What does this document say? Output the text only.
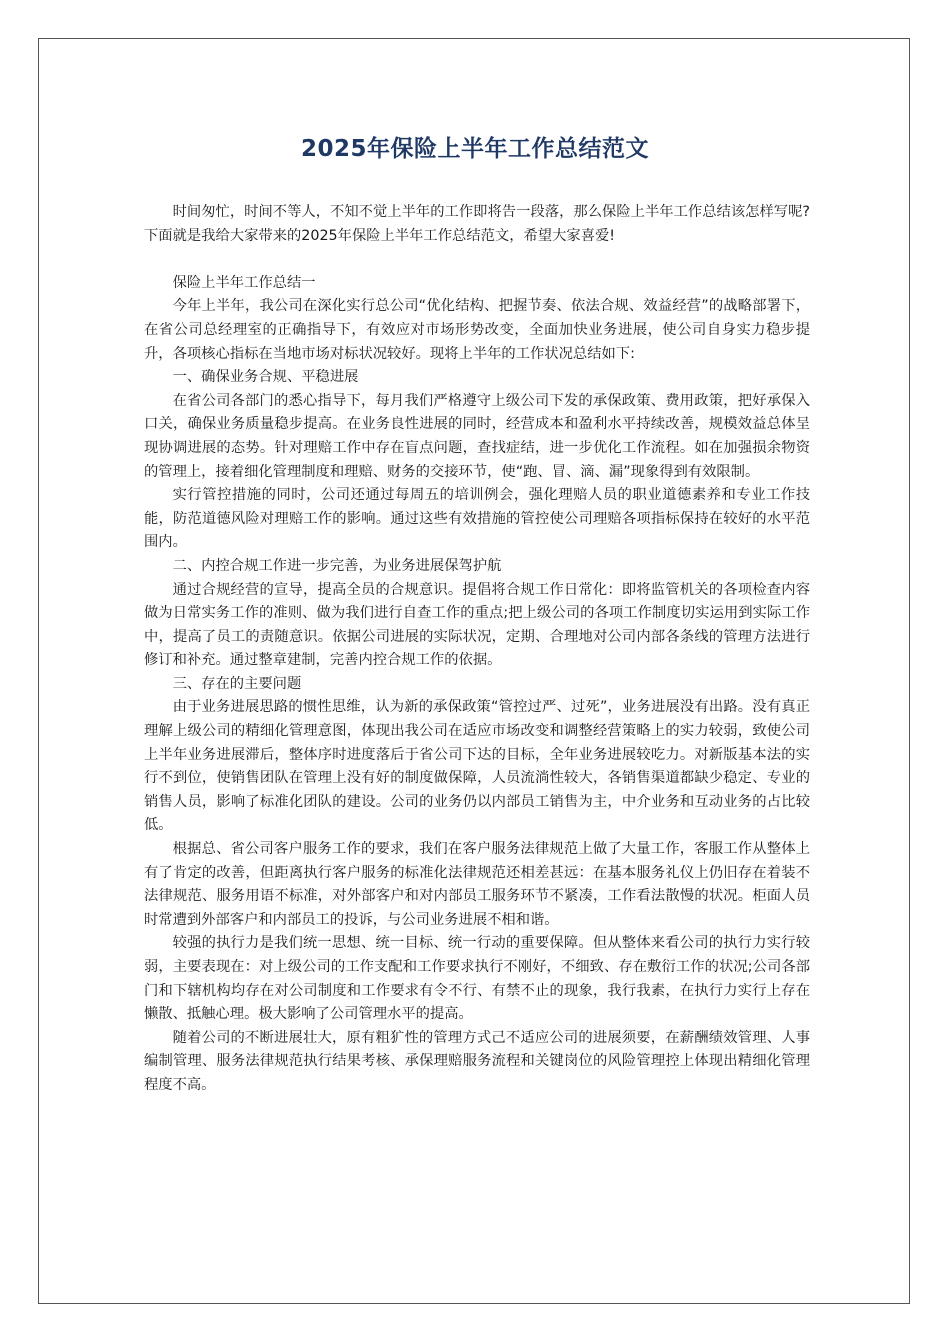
2025年保险上半年工作总结范文

时间匆忙，时间不等人，不知不觉上半年的工作即将告一段落，那么保险上半年工作总结该怎样写呢?下面就是我给大家带来的2025年保险上半年工作总结范文，希望大家喜爱!

保险上半年工作总结一

今年上半年，我公司在深化实行总公司“优化结构、把握节奏、依法合规、效益经营”的战略部署下，在省公司总经理室的正确指导下，有效应对市场形势改变，全面加快业务进展，使公司自身实力稳步提升，各项核心指标在当地市场对标状况较好。现将上半年的工作状况总结如下:

一、确保业务合规、平稳进展

在省公司各部门的悉心指导下，每月我们严格遵守上级公司下发的承保政策、费用政策，把好承保入口关，确保业务质量稳步提高。在业务良性进展的同时，经营成本和盈利水平持续改善，规模效益总体呈现协调进展的态势。针对理赔工作中存在盲点问题，查找症结，进一步优化工作流程。如在加强损余物资的管理上，接着细化管理制度和理赔、财务的交接环节，使“跑、冒、滴、漏”现象得到有效限制。

实行管控措施的同时，公司还通过每周五的培训例会，强化理赔人员的职业道德素养和专业工作技能，防范道德风险对理赔工作的影响。通过这些有效措施的管控使公司理赔各项指标保持在较好的水平范围内。

二、内控合规工作进一步完善，为业务进展保驾护航

通过合规经营的宣导，提高全员的合规意识。提倡将合规工作日常化：即将监管机关的各项检查内容做为日常实务工作的准则、做为我们进行自查工作的重点;把上级公司的各项工作制度切实运用到实际工作中，提高了员工的责随意识。依据公司进展的实际状况，定期、合理地对公司内部各条线的管理方法进行修订和补充。通过整章建制，完善内控合规工作的依据。

三、存在的主要问题

由于业务进展思路的惯性思维，认为新的承保政策“管控过严、过死”，业务进展没有出路。没有真正理解上级公司的精细化管理意图，体现出我公司在适应市场改变和调整经营策略上的实力较弱，致使公司上半年业务进展滞后，整体序时进度落后于省公司下达的目标，全年业务进展较吃力。对新版基本法的实行不到位，使销售团队在管理上没有好的制度做保障，人员流淌性较大，各销售渠道都缺少稳定、专业的销售人员，影响了标准化团队的建设。公司的业务仍以内部员工销售为主，中介业务和互动业务的占比较低。

根据总、省公司客户服务工作的要求，我们在客户服务法律规范上做了大量工作，客服工作从整体上有了肯定的改善，但距离执行客户服务的标准化法律规范还相差甚远：在基本服务礼仪上仍旧存在着装不法律规范、服务用语不标准，对外部客户和对内部员工服务环节不紧凑，工作看法散慢的状况。柜面人员时常遭到外部客户和内部员工的投诉，与公司业务进展不相和谐。

较强的执行力是我们统一思想、统一目标、统一行动的重要保障。但从整体来看公司的执行力实行较弱，主要表现在：对上级公司的工作支配和工作要求执行不刚好，不细致、存在敷衍工作的状况;公司各部门和下辖机构均存在对公司制度和工作要求有令不行、有禁不止的现象，我行我素，在执行力实行上存在懒散、抵触心理。极大影响了公司管理水平的提高。

随着公司的不断进展壮大，原有粗犷性的管理方式己不适应公司的进展须要，在薪酬绩效管理、人事编制管理、服务法律规范执行结果考核、承保理赔服务流程和关键岗位的风险管理控上体现出精细化管理程度不高。
